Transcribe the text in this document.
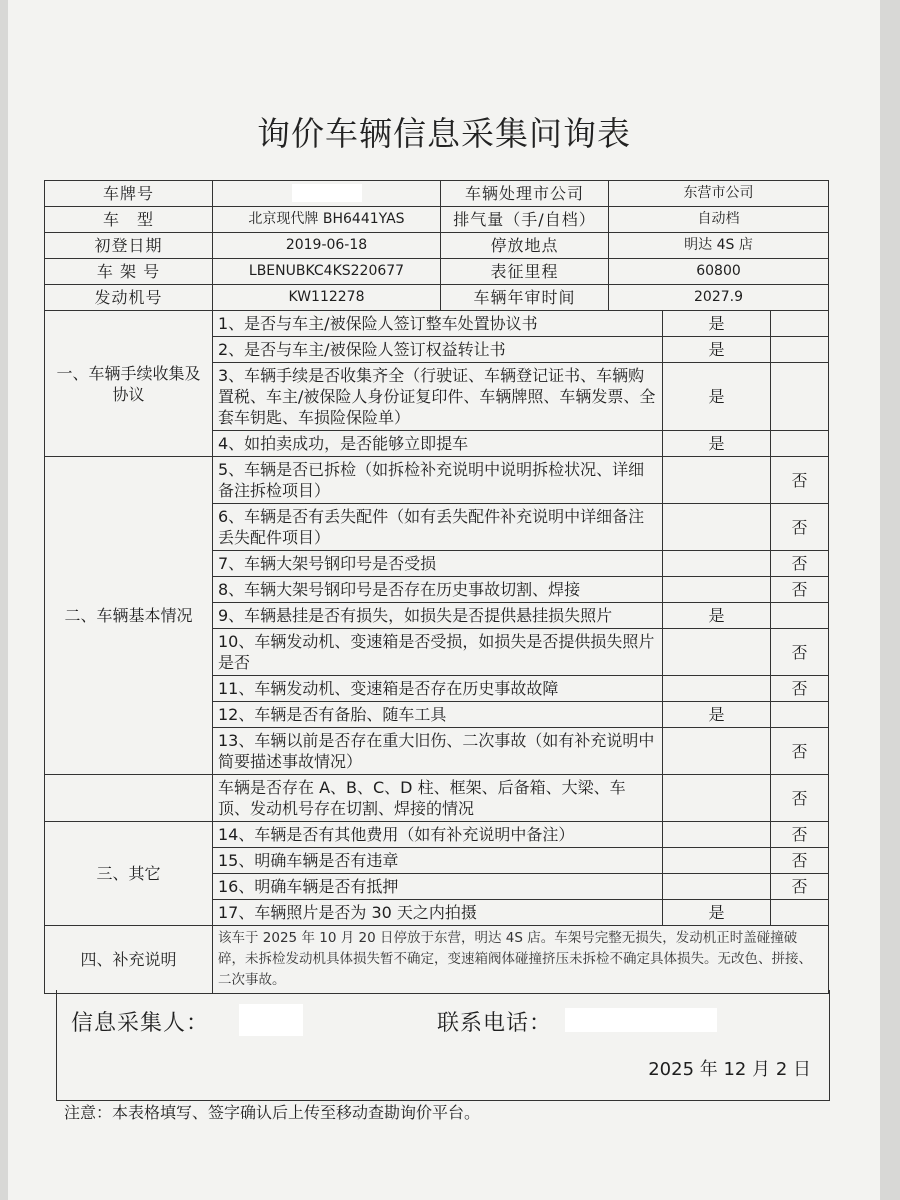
询价车辆信息采集问询表
车牌号		车辆处理市公司	东营市公司		
车　型	北京现代牌 BH6441YAS	排气量（手/自档）	自动档		
初登日期	2019-06-18	停放地点	明达 4S 店		
车 架 号	LBENUBKC4KS220677	表征里程	60800		
发动机号	KW112278	车辆年审时间	2027.9		
一、车辆手续收集及协议	1、是否与车主/被保险人签订整车处置协议书			是	
	2、是否与车主/被保险人签订权益转让书			是	
	3、车辆手续是否收集齐全（行驶证、车辆登记证书、车辆购置税、车主/被保险人身份证复印件、车辆牌照、车辆发票、全套车钥匙、车损险保险单）			是	
	4、如拍卖成功，是否能够立即提车			是	
二、车辆基本情况	5、车辆是否已拆检（如拆检补充说明中说明拆检状况、详细备注拆检项目）				否
	6、车辆是否有丢失配件（如有丢失配件补充说明中详细备注丢失配件项目）				否
	7、车辆大架号钢印号是否受损				否
	8、车辆大架号钢印号是否存在历史事故切割、焊接				否
	9、车辆悬挂是否有损失，如损失是否提供悬挂损失照片			是	
	10、车辆发动机、变速箱是否受损，如损失是否提供损失照片是否				否
	11、车辆发动机、变速箱是否存在历史事故故障				否
	12、车辆是否有备胎、随车工具			是	
	13、车辆以前是否存在重大旧伤、二次事故（如有补充说明中简要描述事故情况）				否
	车辆是否存在 A、B、C、D 柱、框架、后备箱、大梁、车顶、发动机号存在切割、焊接的情况				否
三、其它	14、车辆是否有其他费用（如有补充说明中备注）				否
	15、明确车辆是否有违章				否
	16、明确车辆是否有抵押				否
	17、车辆照片是否为 30 天之内拍摄			是	
四、补充说明	该车于 2025 年 10 月 20 日停放于东营，明达 4S 店。车架号完整无损失，发动机正时盖碰撞破碎，未拆检发动机具体损失暂不确定，变速箱阀体碰撞挤压未拆检不确定具体损失。无改色、拼接、二次事故。				
信息采集人：	联系电话：
2025 年 12 月 2 日
注意：本表格填写、签字确认后上传至移动查勘询价平台。
